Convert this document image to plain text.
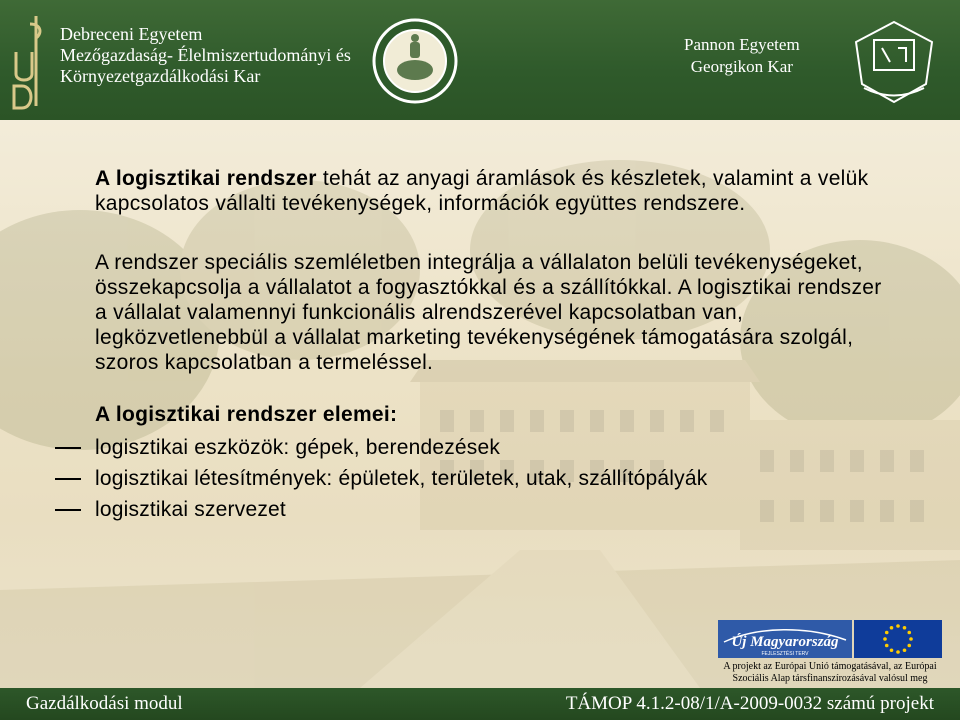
Debreceni Egyetem
Mezőgazdaság- Élelmiszertudományi és
Környezetgazdálkodási Kar
Pannon Egyetem
Georgikon Kar

A logisztikai rendszer tehát az anyagi áramlások és készletek, valamint a velük kapcsolatos vállalti tevékenységek, információk együttes rendszere.

A rendszer speciális szemléletben integrálja a vállalaton belüli tevékenységeket, összekapcsolja a vállalatot a fogyasztókkal és a szállítókkal. A logisztikai rendszer a vállalat valamennyi funkcionális alrendszerével kapcsolatban van, legközvetlenebbül a vállalat marketing tevékenységének támogatására szolgál, szoros kapcsolatban a termeléssel.

A logisztikai rendszer elemei:
logisztikai eszközök: gépek, berendezések
logisztikai létesítmények: épületek, területek, utak, szállítópályák
logisztikai szervezet
Új Magyarország
FEJLESZTÉSI TERV
A projekt az Európai Unió támogatásával, az Európai Szociális Alap társfinanszírozásával valósul meg
Gazdálkodási modul	TÁMOP 4.1.2-08/1/A-2009-0032 számú projekt
